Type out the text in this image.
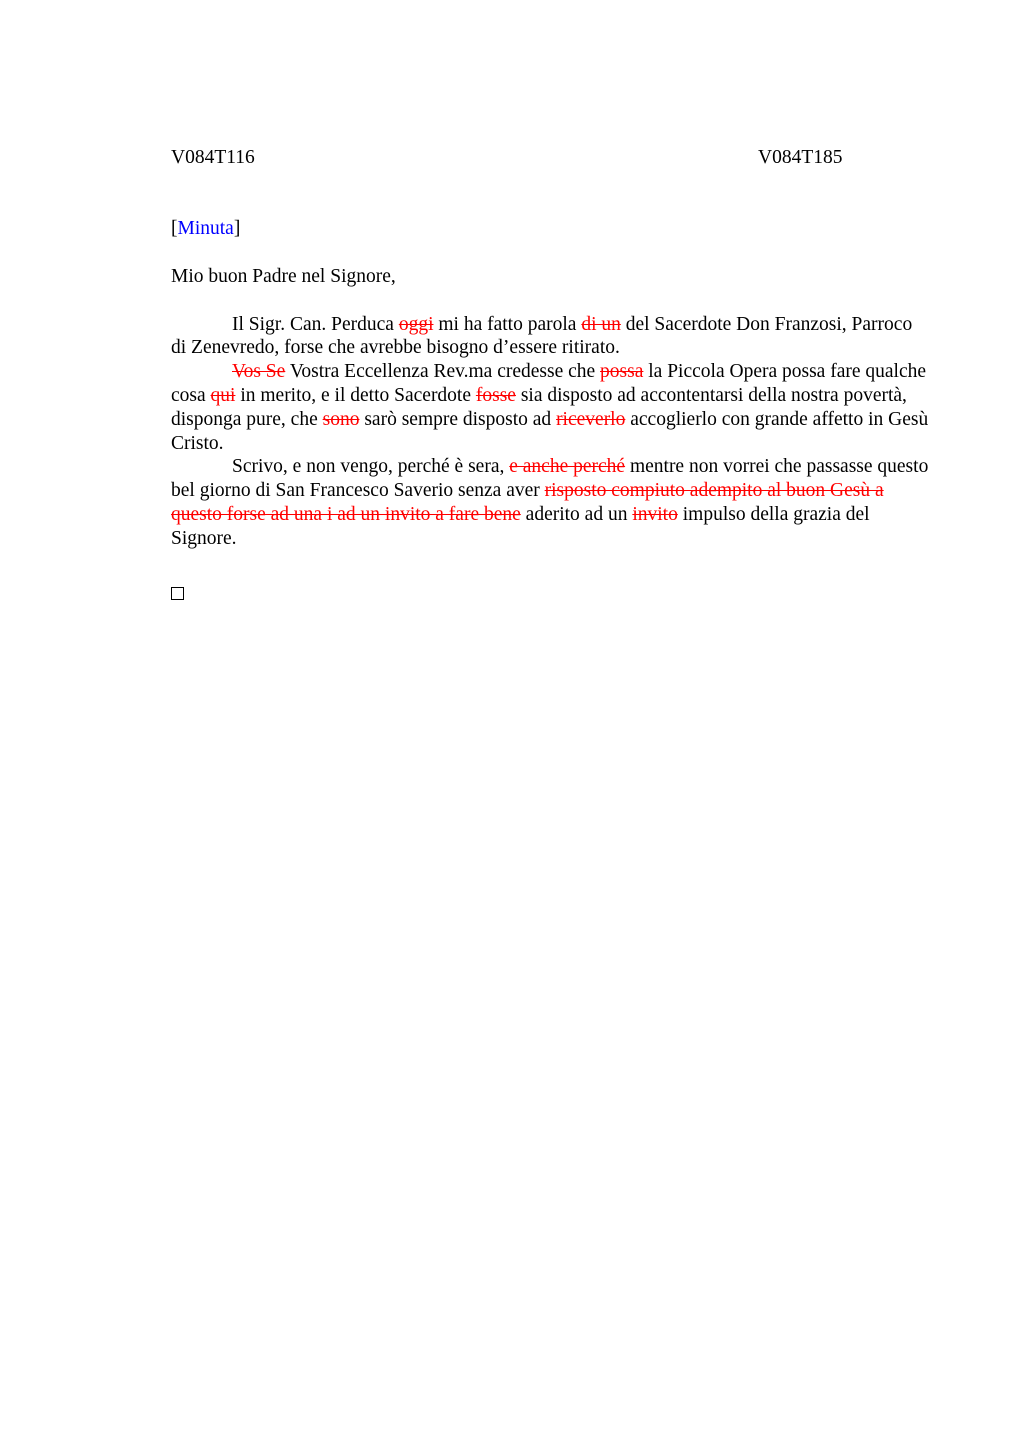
V084T116	V084T185
[Minuta]
Mio buon Padre nel Signore,

Il Sigr. Can. Perduca oggi mi ha fatto parola di un del Sacerdote Don Franzosi, Parroco di Zenevredo, forse che avrebbe bisogno d’essere ritirato.

Vos Se Vostra Eccellenza Rev.ma credesse che possa la Piccola Opera possa fare qualche cosa qui in merito, e il detto Sacerdote fosse sia disposto ad accontentarsi della nostra povertà, disponga pure, che sono sarò sempre disposto ad riceverlo accoglierlo con grande affetto in Gesù Cristo.

Scrivo, e non vengo, perché è sera, e anche perché mentre non vorrei che passasse questo bel giorno di San Francesco Saverio senza aver risposto compiuto adempito al buon Gesù a questo forse ad una i ad un invito a fare bene aderito ad un invito impulso della grazia del Signore.
